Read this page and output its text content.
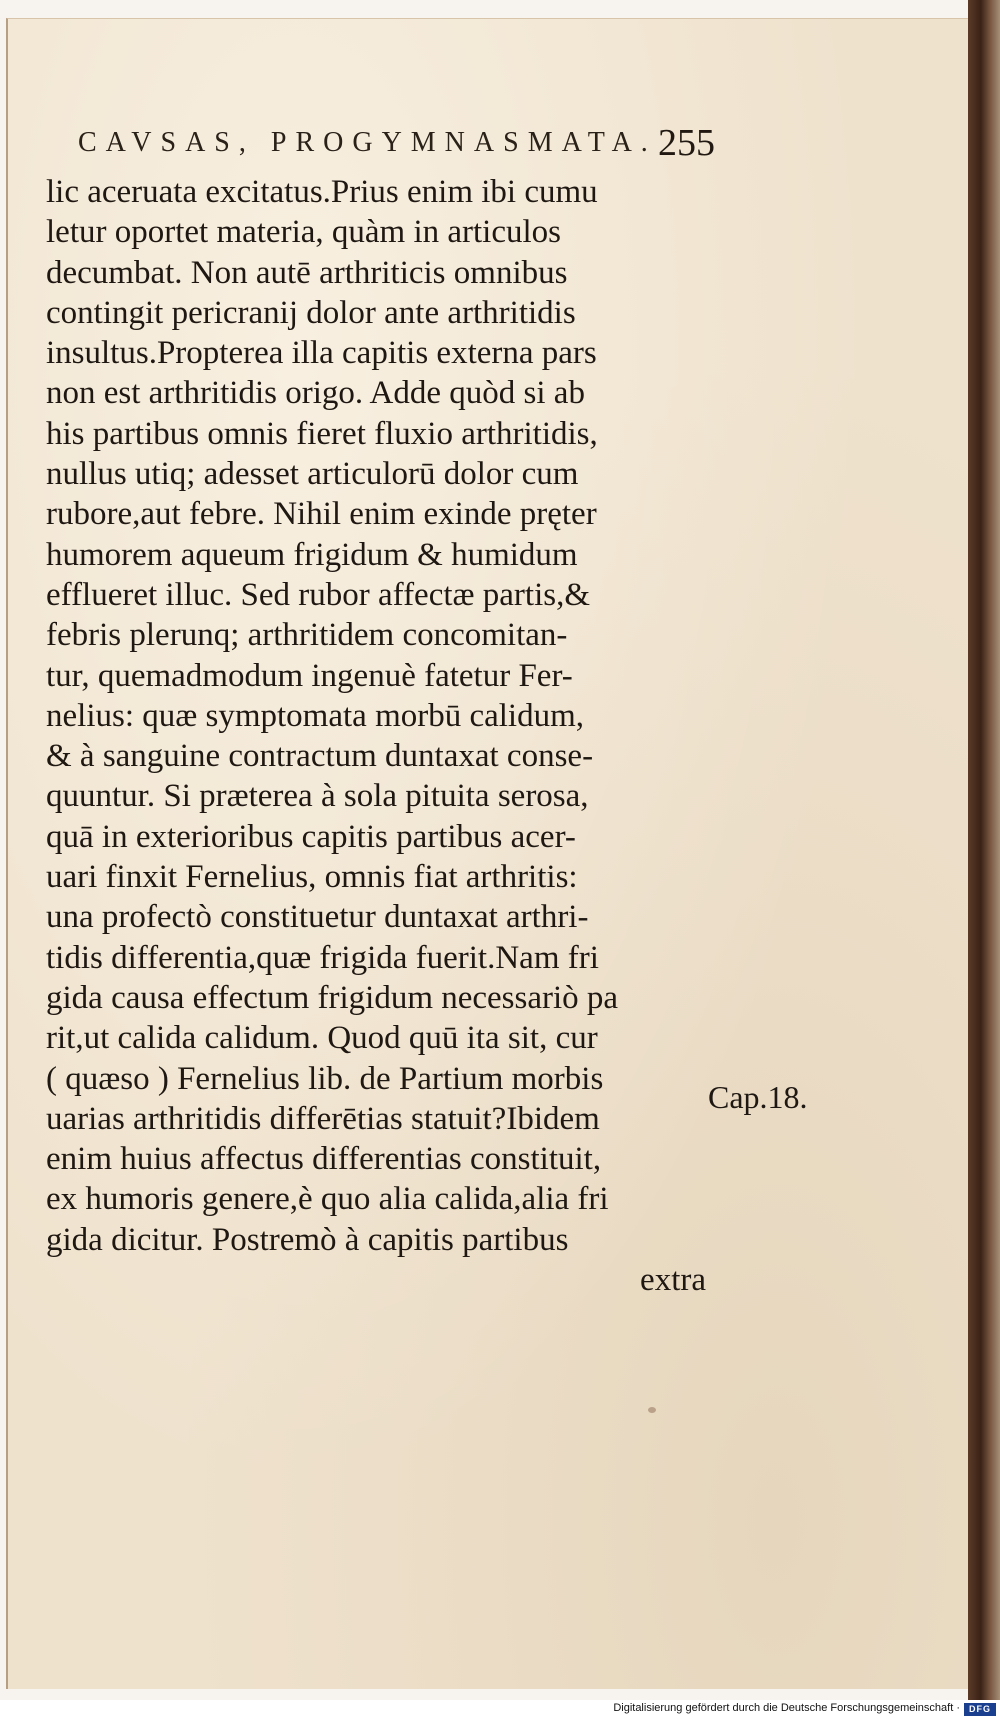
CAVSAS, PROGYMNASMATA. 255
lic aceruata excitatus.Prius enim ibi cumu
letur oportet materia, quàm in articulos
decumbat. Non autē arthriticis omnibus
contingit pericranij dolor ante arthritidis
insultus.Propterea illa capitis externa pars
non est arthritidis origo. Adde quòd si ab
his partibus omnis fieret fluxio arthritidis,
nullus utiq; adesset articulorū dolor cum
rubore,aut febre. Nihil enim exinde pręter
humorem aqueum frigidum & humidum
efflueret illuc. Sed rubor affectæ partis,&
febris plerunq; arthritidem concomitan-
tur, quemadmodum ingenuè fatetur Fer-
nelius: quæ symptomata morbū calidum,
& à sanguine contractum duntaxat conse-
quuntur. Si præterea à sola pituita serosa,
quā in exterioribus capitis partibus acer-
uari finxit Fernelius, omnis fiat arthritis:
una profectò constituetur duntaxat arthri-
tidis differentia,quæ frigida fuerit.Nam fri
gida causa effectum frigidum necessariò pa
rit,ut calida calidum. Quod quū ita sit, cur
( quæso ) Fernelius lib. de Partium morbis
uarias arthritidis differētias statuit?Ibidem
enim huius affectus differentias constituit,
ex humoris genere,è quo alia calida,alia fri
gida dicitur. Postremò à capitis partibus
extra
Cap.18.
Digitalisierung gefördert durch die Deutsche Forschungsgemeinschaft ·	DFG
